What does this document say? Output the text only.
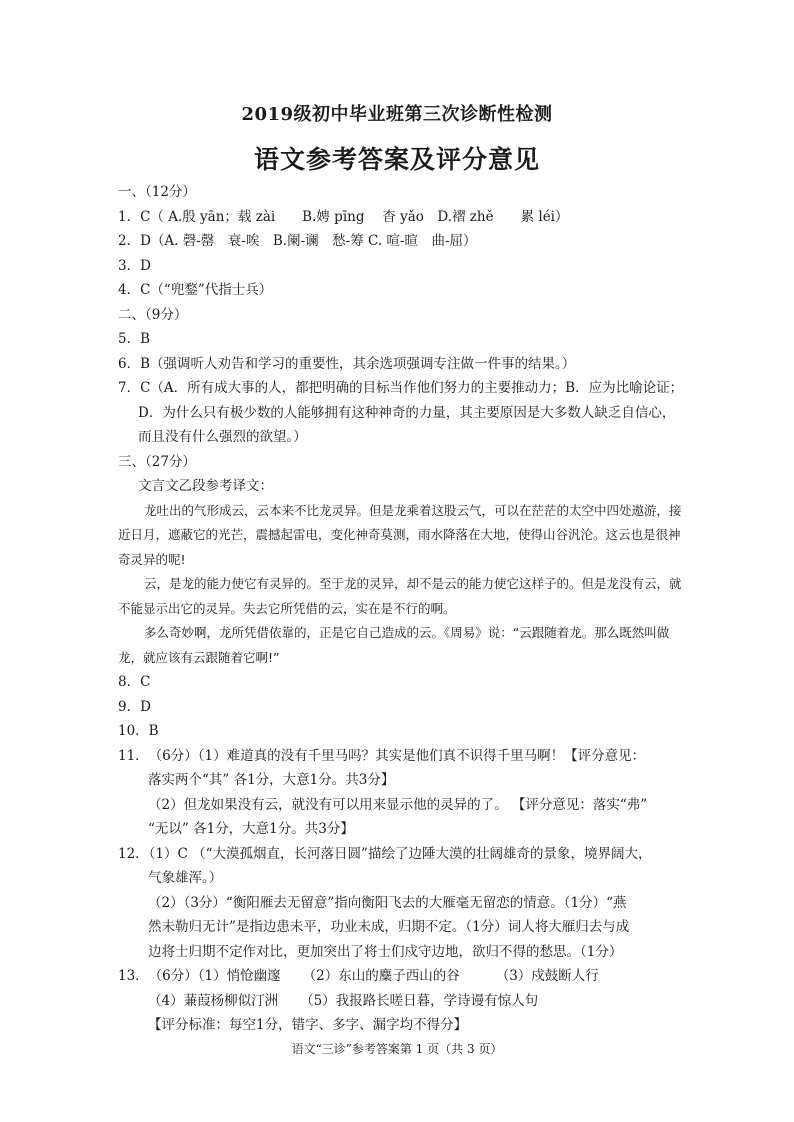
2019级初中毕业班第三次诊断性检测
语文参考答案及评分意见
一、（12分）
1．C（ A.殷 yān；载 zài　　B.娉 pīng　 杳 yǎo　D.褶 zhě　　累 léi）
2．D（A. 磬-罄　衰-唉　B.阑-谰　愁-筹 C. 喧-暄　曲-屈）
3．D
4．C（“兜鍪”代指士兵）
二、（9分）
5．B
6．B（强调听人劝告和学习的重要性，其余选项强调专注做一件事的结果。）
7．C（A．所有成大事的人，都把明确的目标当作他们努力的主要推动力；B．应为比喻论证；D．为什么只有极少数的人能够拥有这种神奇的力量，其主要原因是大多数人缺乏自信心，而且没有什么强烈的欲望。）
三、（27分）
文言文乙段参考译文：
龙吐出的气形成云，云本来不比龙灵异。但是龙乘着这股云气，可以在茫茫的太空中四处遨游，接近日月，遮蔽它的光芒，震撼起雷电，变化神奇莫测，雨水降落在大地，使得山谷汎沦。这云也是很神奇灵异的呢!
云，是龙的能力使它有灵异的。至于龙的灵异，却不是云的能力使它这样子的。但是龙没有云，就不能显示出它的灵异。失去它所凭借的云，实在是不行的啊。
多么奇妙啊，龙所凭借依靠的，正是它自己造成的云。《周易》说：“云跟随着龙。那么既然叫做龙，就应该有云跟随着它啊!”
8．C
9．D
10．B
11．　（6分）（1）难道真的没有千里马吗？其实是他们真不识得千里马啊！【评分意见：
落实两个“其” 各1分，大意1分。共3分】
（2）但龙如果没有云，就没有可以用来显示他的灵异的了。 【评分意见：落实“弗”
“无以” 各1分，大意1分。共3分】
12．（1）C （“大漠孤烟直，长河落日圆”描绘了边陲大漠的壮阔雄奇的景象，境界阔大，
气象雄浑。）
（2）（3分）“衡阳雁去无留意”指向衡阳飞去的大雁毫无留恋的情意。（1分）“燕
然未勒归无计”是指边患未平，功业未成，归期不定。（1分）词人将大雁归去与成
边将士归期不定作对比，更加突出了将士们戍守边地，欲归不得的愁思。（1分）
13．　（6分）（1）悄怆幽邃 （2）东山的麋子西山的谷	（3）戍鼓断人行
（4）蒹葭杨柳似汀洲 （5）我报路长嗟日暮，学诗谩有惊人句
【评分标准：每空1分，错字、多字、漏字均不得分】
语文“三诊”参考答案第 1 页（共 3 页）
